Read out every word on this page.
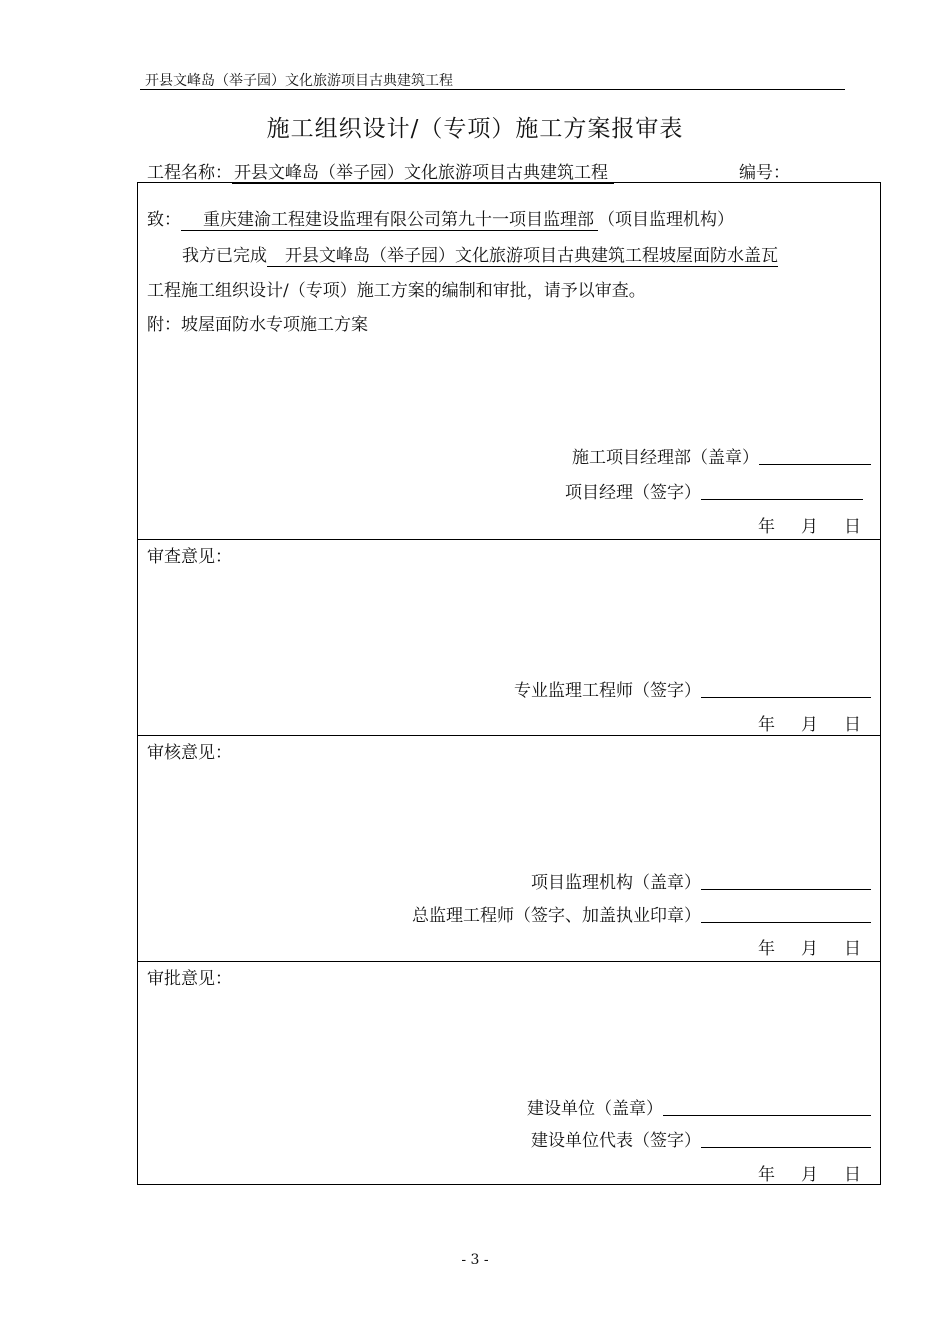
开县文峰岛（举子园）文化旅游项目古典建筑工程
施工组织设计/（专项）施工方案报审表
工程名称： 开县文峰岛（举子园）文化旅游项目古典建筑工程	编号：
致： 重庆建渝工程建设监理有限公司第九十一项目监理部 （项目监理机构）
我方已完成 开县文峰岛（举子园）文化旅游项目古典建筑工程坡屋面防水盖瓦
工程施工组织设计/（专项）施工方案的编制和审批，请予以审查。
附：坡屋面防水专项施工方案
施工项目经理部（盖章）
项目经理（签字）
年 月 日
审查意见：
专业监理工程师（签字）
年 月 日
审核意见：
项目监理机构（盖章）
总监理工程师（签字、加盖执业印章）
年 月 日
审批意见：
建设单位（盖章）
建设单位代表（签字）
年 月 日
- 3 -
